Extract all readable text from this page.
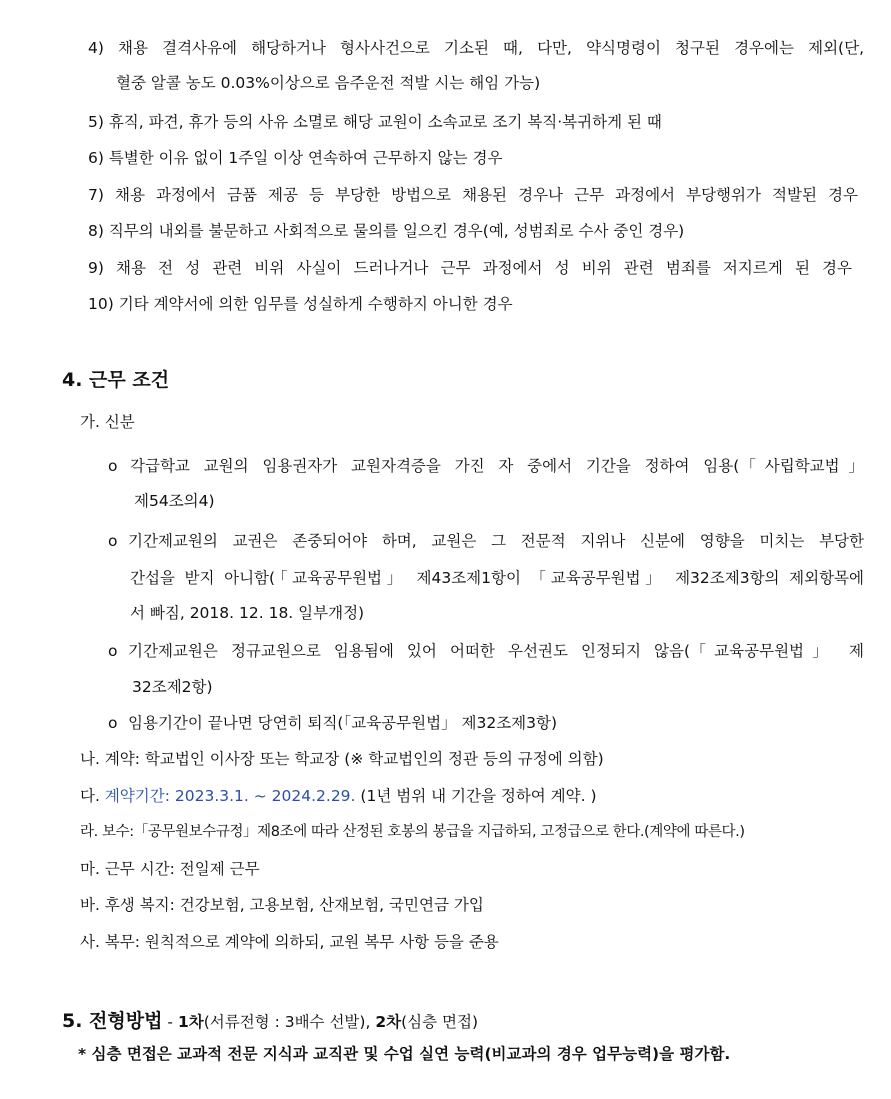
4) 채용 결격사유에 해당하거나 형사사건으로 기소된 때, 다만, 약식명령이 청구된 경우에는 제외(단,
혈중 알콜 농도 0.03%이상으로 음주운전 적발 시는 해임 가능)
5) 휴직, 파견, 휴가 등의 사유 소멸로 해당 교원이 소속교로 조기 복직·복귀하게 된 때
6) 특별한 이유 없이 1주일 이상 연속하여 근무하지 않는 경우
7) 채용 과정에서 금품 제공 등 부당한 방법으로 채용된 경우나 근무 과정에서 부당행위가 적발된 경우
8) 직무의 내외를 불문하고 사회적으로 물의를 일으킨 경우(예, 성범죄로 수사 중인 경우)
9) 채용 전 성 관련 비위 사실이 드러나거나 근무 과정에서 성 비위 관련 범죄를 저지르게 된 경우
10) 기타 계약서에 의한 임무를 성실하게 수행하지 아니한 경우
4. 근무 조건
가. 신분
o 각급학교 교원의 임용권자가 교원자격증을 가진 자 중에서 기간을 정하여 임용(「사립학교법」
제54조의4)
o 기간제교원의 교권은 존중되어야 하며, 교원은 그 전문적 지위나 신분에 영향을 미치는 부당한
간섭을 받지 아니함(「교육공무원법」 제43조제1항이 「교육공무원법」 제32조제3항의 제외항목에
서 빠짐, 2018. 12. 18. 일부개정)
o 기간제교원은 정규교원으로 임용됨에 있어 어떠한 우선권도 인정되지 않음(「교육공무원법」 제
32조제2항)
o 임용기간이 끝나면 당연히 퇴직(「교육공무원법」 제32조제3항)
나. 계약: 학교법인 이사장 또는 학교장 (※ 학교법인의 정관 등의 규정에 의함)
다. 계약기간: 2023.3.1. ~ 2024.2.29. (1년 범위 내 기간을 정하여 계약. )
라. 보수:「공무원보수규정」제8조에 따라 산정된 호봉의 봉급을 지급하되, 고정급으로 한다.(계약에 따른다.)
마. 근무 시간: 전일제 근무
바. 후생 복지: 건강보험, 고용보험, 산재보험, 국민연금 가입
사. 복무: 원칙적으로 계약에 의하되, 교원 복무 사항 등을 준용
5. 전형방법 - 1차(서류전형 : 3배수 선발), 2차(심층 면접)
* 심층 면접은 교과적 전문 지식과 교직관 및 수업 실연 능력(비교과의 경우 업무능력)을 평가함.
